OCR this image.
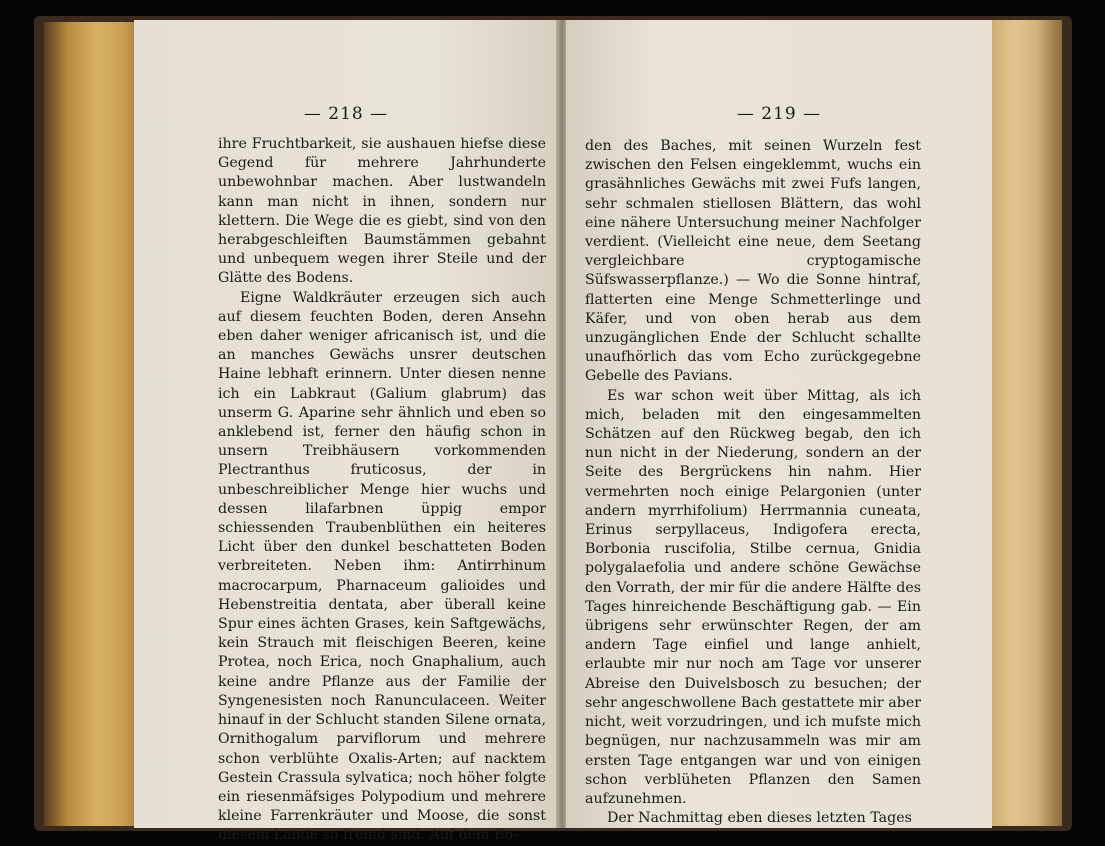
— 218 —

ihre Fruchtbarkeit, sie aushauen hiefse diese Gegend für mehrere Jahrhunderte unbewohnbar machen. Aber lustwandeln kann man nicht in ihnen, sondern nur klettern. Die Wege die es giebt, sind von den herabgeschleiften Baumstämmen gebahnt und unbequem wegen ihrer Steile und der Glätte des Bodens.

Eigne Waldkräuter erzeugen sich auch auf diesem feuchten Boden, deren Ansehn eben daher weniger africanisch ist, und die an manches Gewächs unsrer deutschen Haine lebhaft erinnern. Unter diesen nenne ich ein Labkraut (Galium glabrum) das unserm G. Aparine sehr ähnlich und eben so anklebend ist, ferner den häufig schon in unsern Treibhäusern vorkommenden Plectranthus fruticosus, der in unbeschreiblicher Menge hier wuchs und dessen lilafarbnen üppig empor schiessenden Traubenblüthen ein heiteres Licht über den dunkel beschatteten Boden verbreiteten. Neben ihm: Antirrhinum macrocarpum, Pharnaceum galioides und Hebenstreitia dentata, aber überall keine Spur eines ächten Grases, kein Saftgewächs, kein Strauch mit fleischigen Beeren, keine Protea, noch Erica, noch Gnaphalium, auch keine andre Pflanze aus der Familie der Syngenesisten noch Ranunculaceen. Weiter hinauf in der Schlucht standen Silene ornata, Ornithogalum parviflorum und mehrere schon verblühte Oxalis-Arten; auf nacktem Gestein Crassula sylvatica; noch höher folgte ein riesenmäfsiges Polypodium und mehrere kleine Farrenkräuter und Moose, die sonst diesem Lande so fremd sind. Auf dem Bo-

— 219 —

den des Baches, mit seinen Wurzeln fest zwischen den Felsen eingeklemmt, wuchs ein grasähnliches Gewächs mit zwei Fufs langen, sehr schmalen stiellosen Blättern, das wohl eine nähere Untersuchung meiner Nachfolger verdient. (Vielleicht eine neue, dem Seetang vergleichbare cryptogamische Süfswasserpflanze.) — Wo die Sonne hintraf, flatterten eine Menge Schmetterlinge und Käfer, und von oben herab aus dem unzugänglichen Ende der Schlucht schallte unaufhörlich das vom Echo zurückgegebne Gebelle des Pavians.

Es war schon weit über Mittag, als ich mich, beladen mit den eingesammelten Schätzen auf den Rückweg begab, den ich nun nicht in der Niederung, sondern an der Seite des Bergrückens hin nahm. Hier vermehrten noch einige Pelargonien (unter andern myrrhifolium) Herrmannia cuneata, Erinus serpyllaceus, Indigofera erecta, Borbonia ruscifolia, Stilbe cernua, Gnidia polygalaefolia und andere schöne Gewächse den Vorrath, der mir für die andere Hälfte des Tages hinreichende Beschäftigung gab. — Ein übrigens sehr erwünschter Regen, der am andern Tage einfiel und lange anhielt, erlaubte mir nur noch am Tage vor unserer Abreise den Duivelsbosch zu besuchen; der sehr angeschwollene Bach gestattete mir aber nicht, weit vorzudringen, und ich mufste mich begnügen, nur nachzusammeln was mir am ersten Tage entgangen war und von einigen schon verblüheten Pflanzen den Samen aufzunehmen.

Der Nachmittag eben dieses letzten Tages
